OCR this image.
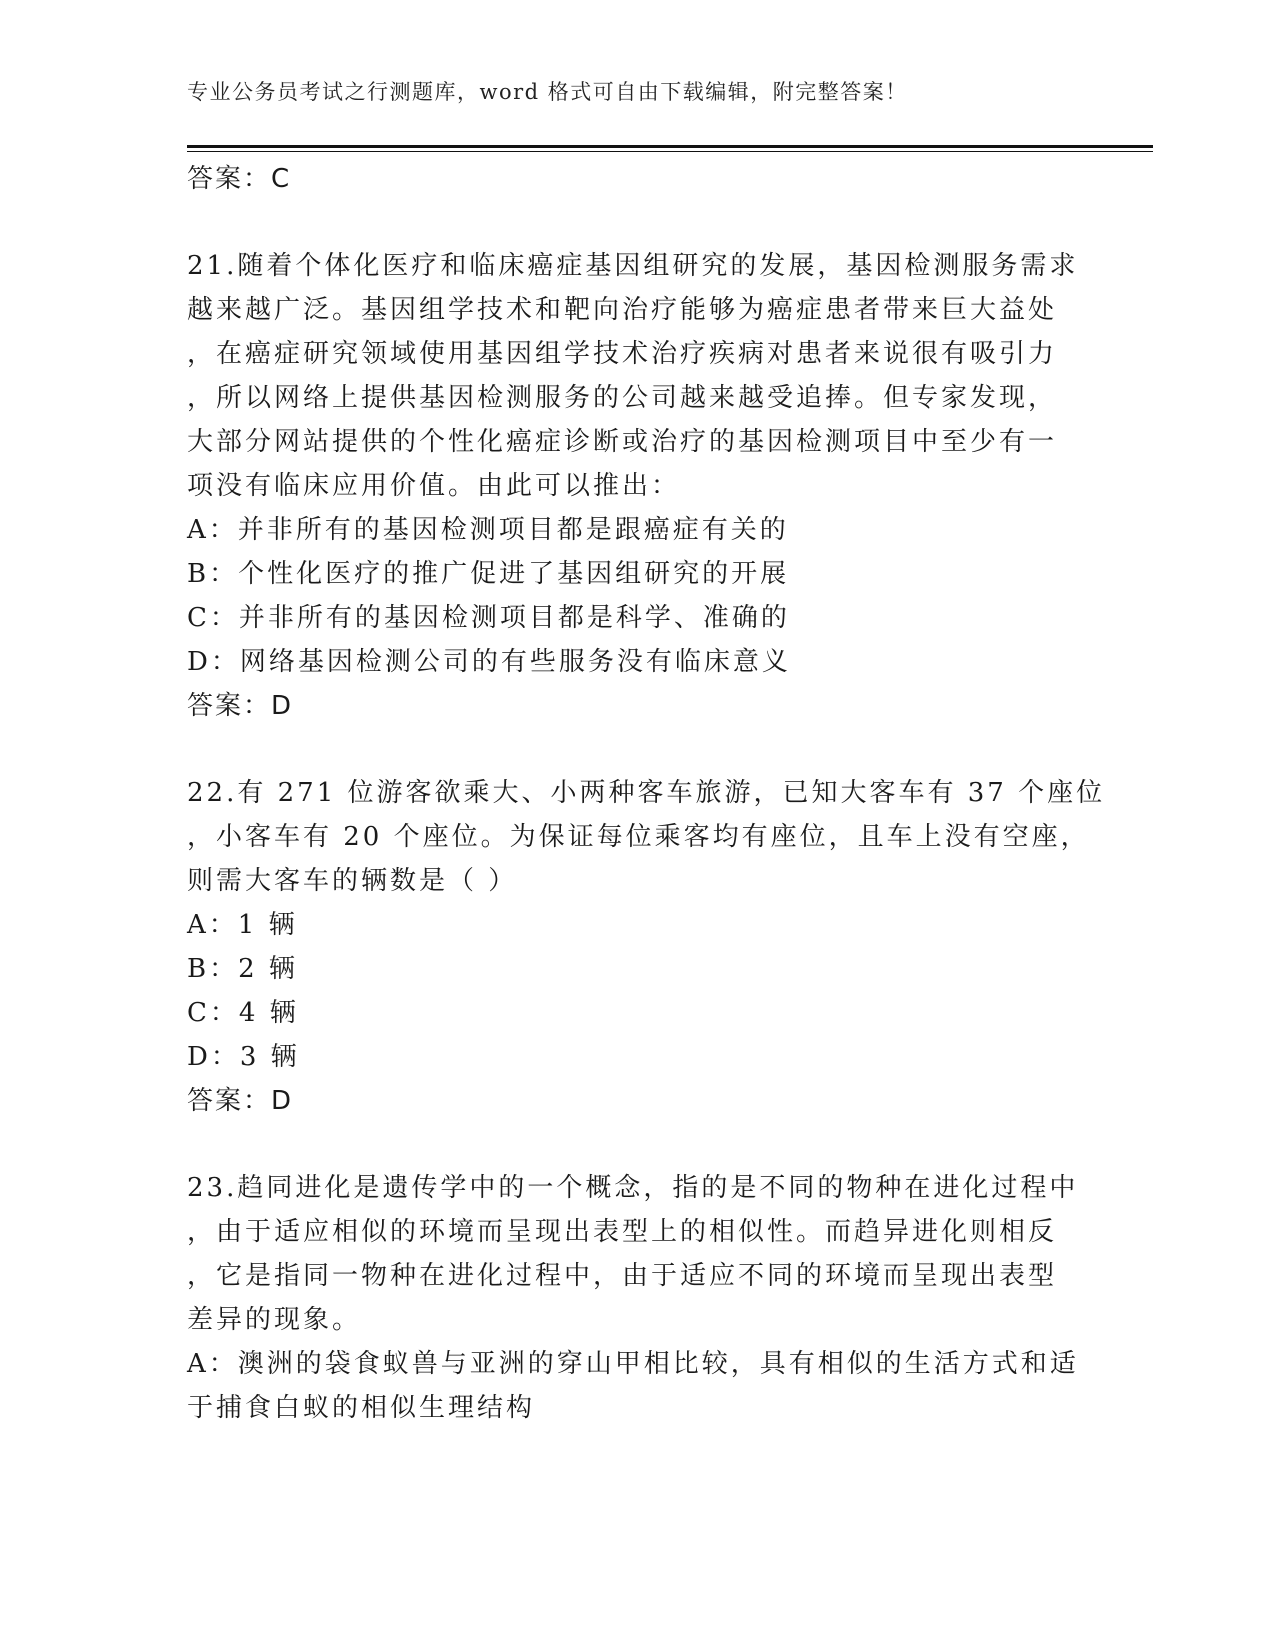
专业公务员考试之行测题库，word 格式可自由下载编辑，附完整答案！
答案：C
21.随着个体化医疗和临床癌症基因组研究的发展，基因检测服务需求
越来越广泛。基因组学技术和靶向治疗能够为癌症患者带来巨大益处
，在癌症研究领域使用基因组学技术治疗疾病对患者来说很有吸引力
，所以网络上提供基因检测服务的公司越来越受追捧。但专家发现，
大部分网站提供的个性化癌症诊断或治疗的基因检测项目中至少有一
项没有临床应用价值。由此可以推出：
A：并非所有的基因检测项目都是跟癌症有关的
B：个性化医疗的推广促进了基因组研究的开展
C：并非所有的基因检测项目都是科学、准确的
D：网络基因检测公司的有些服务没有临床意义
答案：D
22.有 271 位游客欲乘大、小两种客车旅游，已知大客车有 37 个座位
，小客车有 20 个座位。为保证每位乘客均有座位，且车上没有空座，
则需大客车的辆数是（ ）
A：1 辆
B：2 辆
C：4 辆
D：3 辆
答案：D
23.趋同进化是遗传学中的一个概念，指的是不同的物种在进化过程中
，由于适应相似的环境而呈现出表型上的相似性。而趋异进化则相反
，它是指同一物种在进化过程中，由于适应不同的环境而呈现出表型
差异的现象。
A：澳洲的袋食蚁兽与亚洲的穿山甲相比较，具有相似的生活方式和适
于捕食白蚁的相似生理结构
